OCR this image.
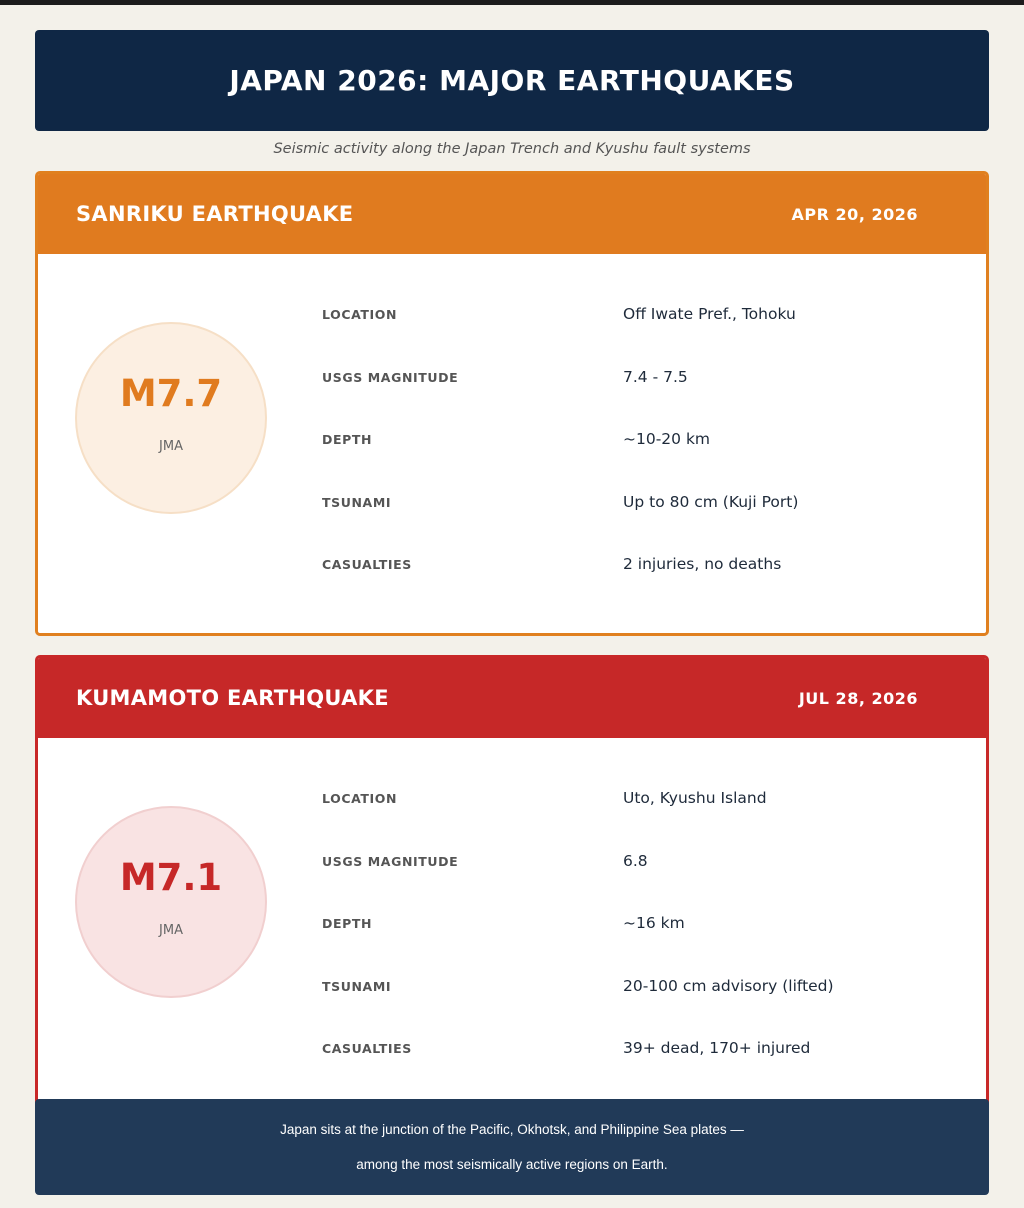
JAPAN 2026: MAJOR EARTHQUAKES
Seismic activity along the Japan Trench and Kyushu fault systems
SANRIKU EARTHQUAKE	APR 20, 2026
M7.7
JMA
LOCATION	Off Iwate Pref., Tohoku
USGS MAGNITUDE	7.4 - 7.5
DEPTH	~10-20 km
TSUNAMI	Up to 80 cm (Kuji Port)
CASUALTIES	2 injuries, no deaths
KUMAMOTO EARTHQUAKE	JUL 28, 2026
M7.1
JMA
LOCATION	Uto, Kyushu Island
USGS MAGNITUDE	6.8
DEPTH	~16 km
TSUNAMI	20-100 cm advisory (lifted)
CASUALTIES	39+ dead, 170+ injured

Japan sits at the junction of the Pacific, Okhotsk, and Philippine Sea plates —

among the most seismically active regions on Earth.
